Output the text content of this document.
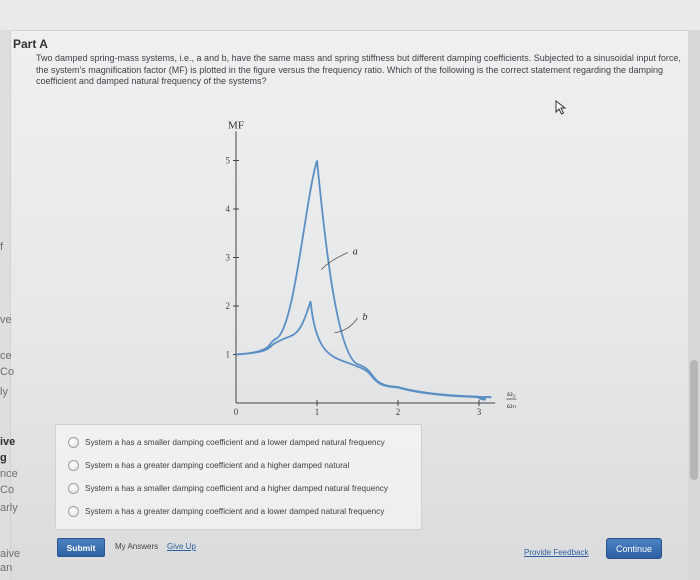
f
ve
ce
Co
ly
ive
g
nce
Co
arly
aive
an
Part A
Two damped spring-mass systems, i.e., a and b, have the same mass and spring stiffness but different damping coefficients. Subjected to a sinusoidal input force, the system's magnification factor (MF) is plotted in the figure versus the frequency ratio. Which of the following is the correct statement regarding the damping coefficient and damped natural frequency of the systems?
MF
1
2
3
4
5
0	1	2	3
ω₀
ωₙ
a
b
System a has a smaller damping coefficient and a lower damped natural frequency
System a has a greater damping coefficient and a higher damped natural
System a has a smaller damping coefficient and a higher damped natural frequency
System a has a greater damping coefficient and a lower damped natural frequency
Submit	My Answers Give Up
Provide Feedback	Continue
